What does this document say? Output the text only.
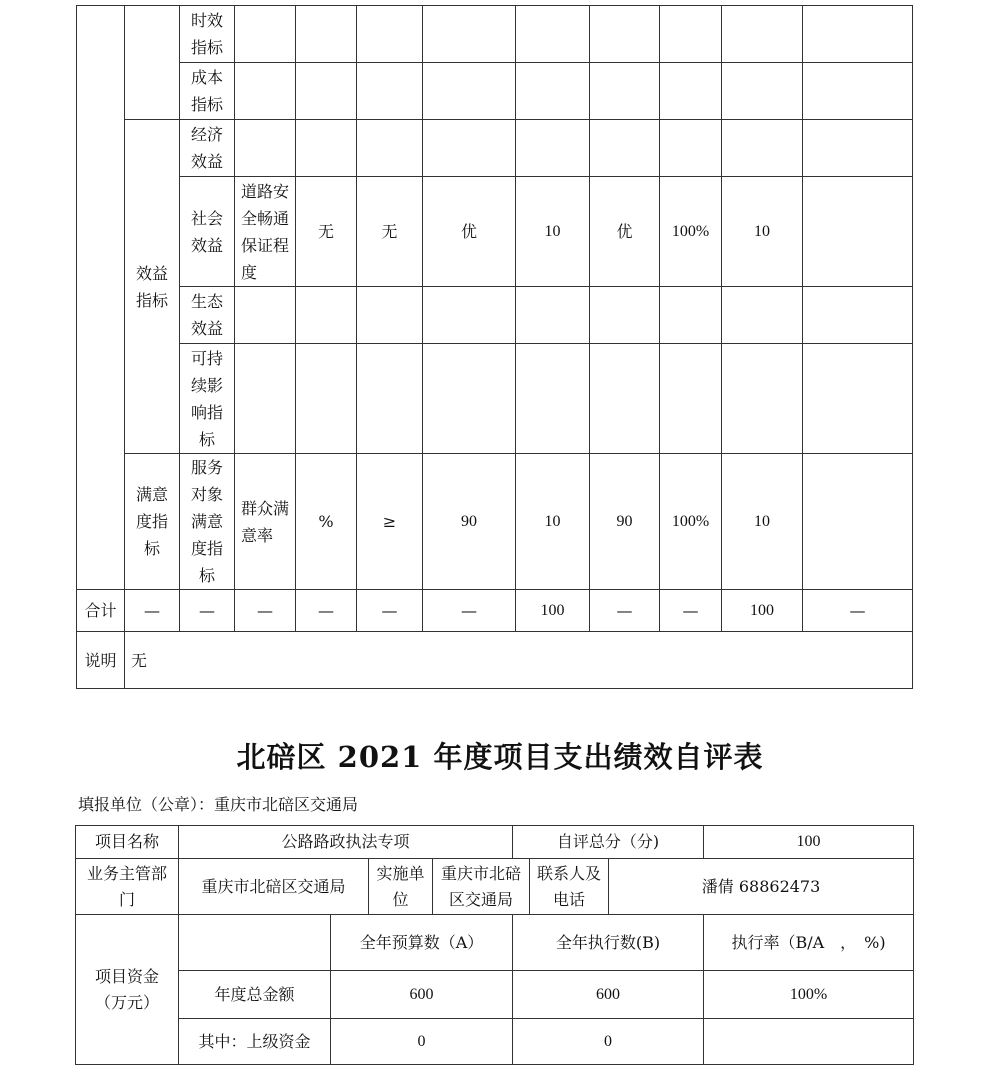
		时效指标									
		成本指标									
	效益指标	经济效益									
		社会效益	道路安全畅通保证程度	无	无	优	10	优	100%	10	
		生态效益									
		可持续影响指标									

	满意度指标	服务对象满意度指标	群众满意率	%	≥	90	10	90	100%	10	

合计	—	—	—	—	—	—	100	—	—	100	—
说明	无										
北碚区 2021 年度项目支出绩效自评表
填报单位（公章）：重庆市北碚区交通局
项目名称	公路路政执法专项				自评总分（分)			100
业务主管部门	重庆市北碚区交通局		实施单位	重庆市北碚区交通局		联系人及电话	潘倩 68862473	
项目资金（万元）		全年预算数（A）			全年执行数(B)			执行率（B/A　，　%)
	年度总金额	600			600			100%
	其中：上级资金	0			0			
